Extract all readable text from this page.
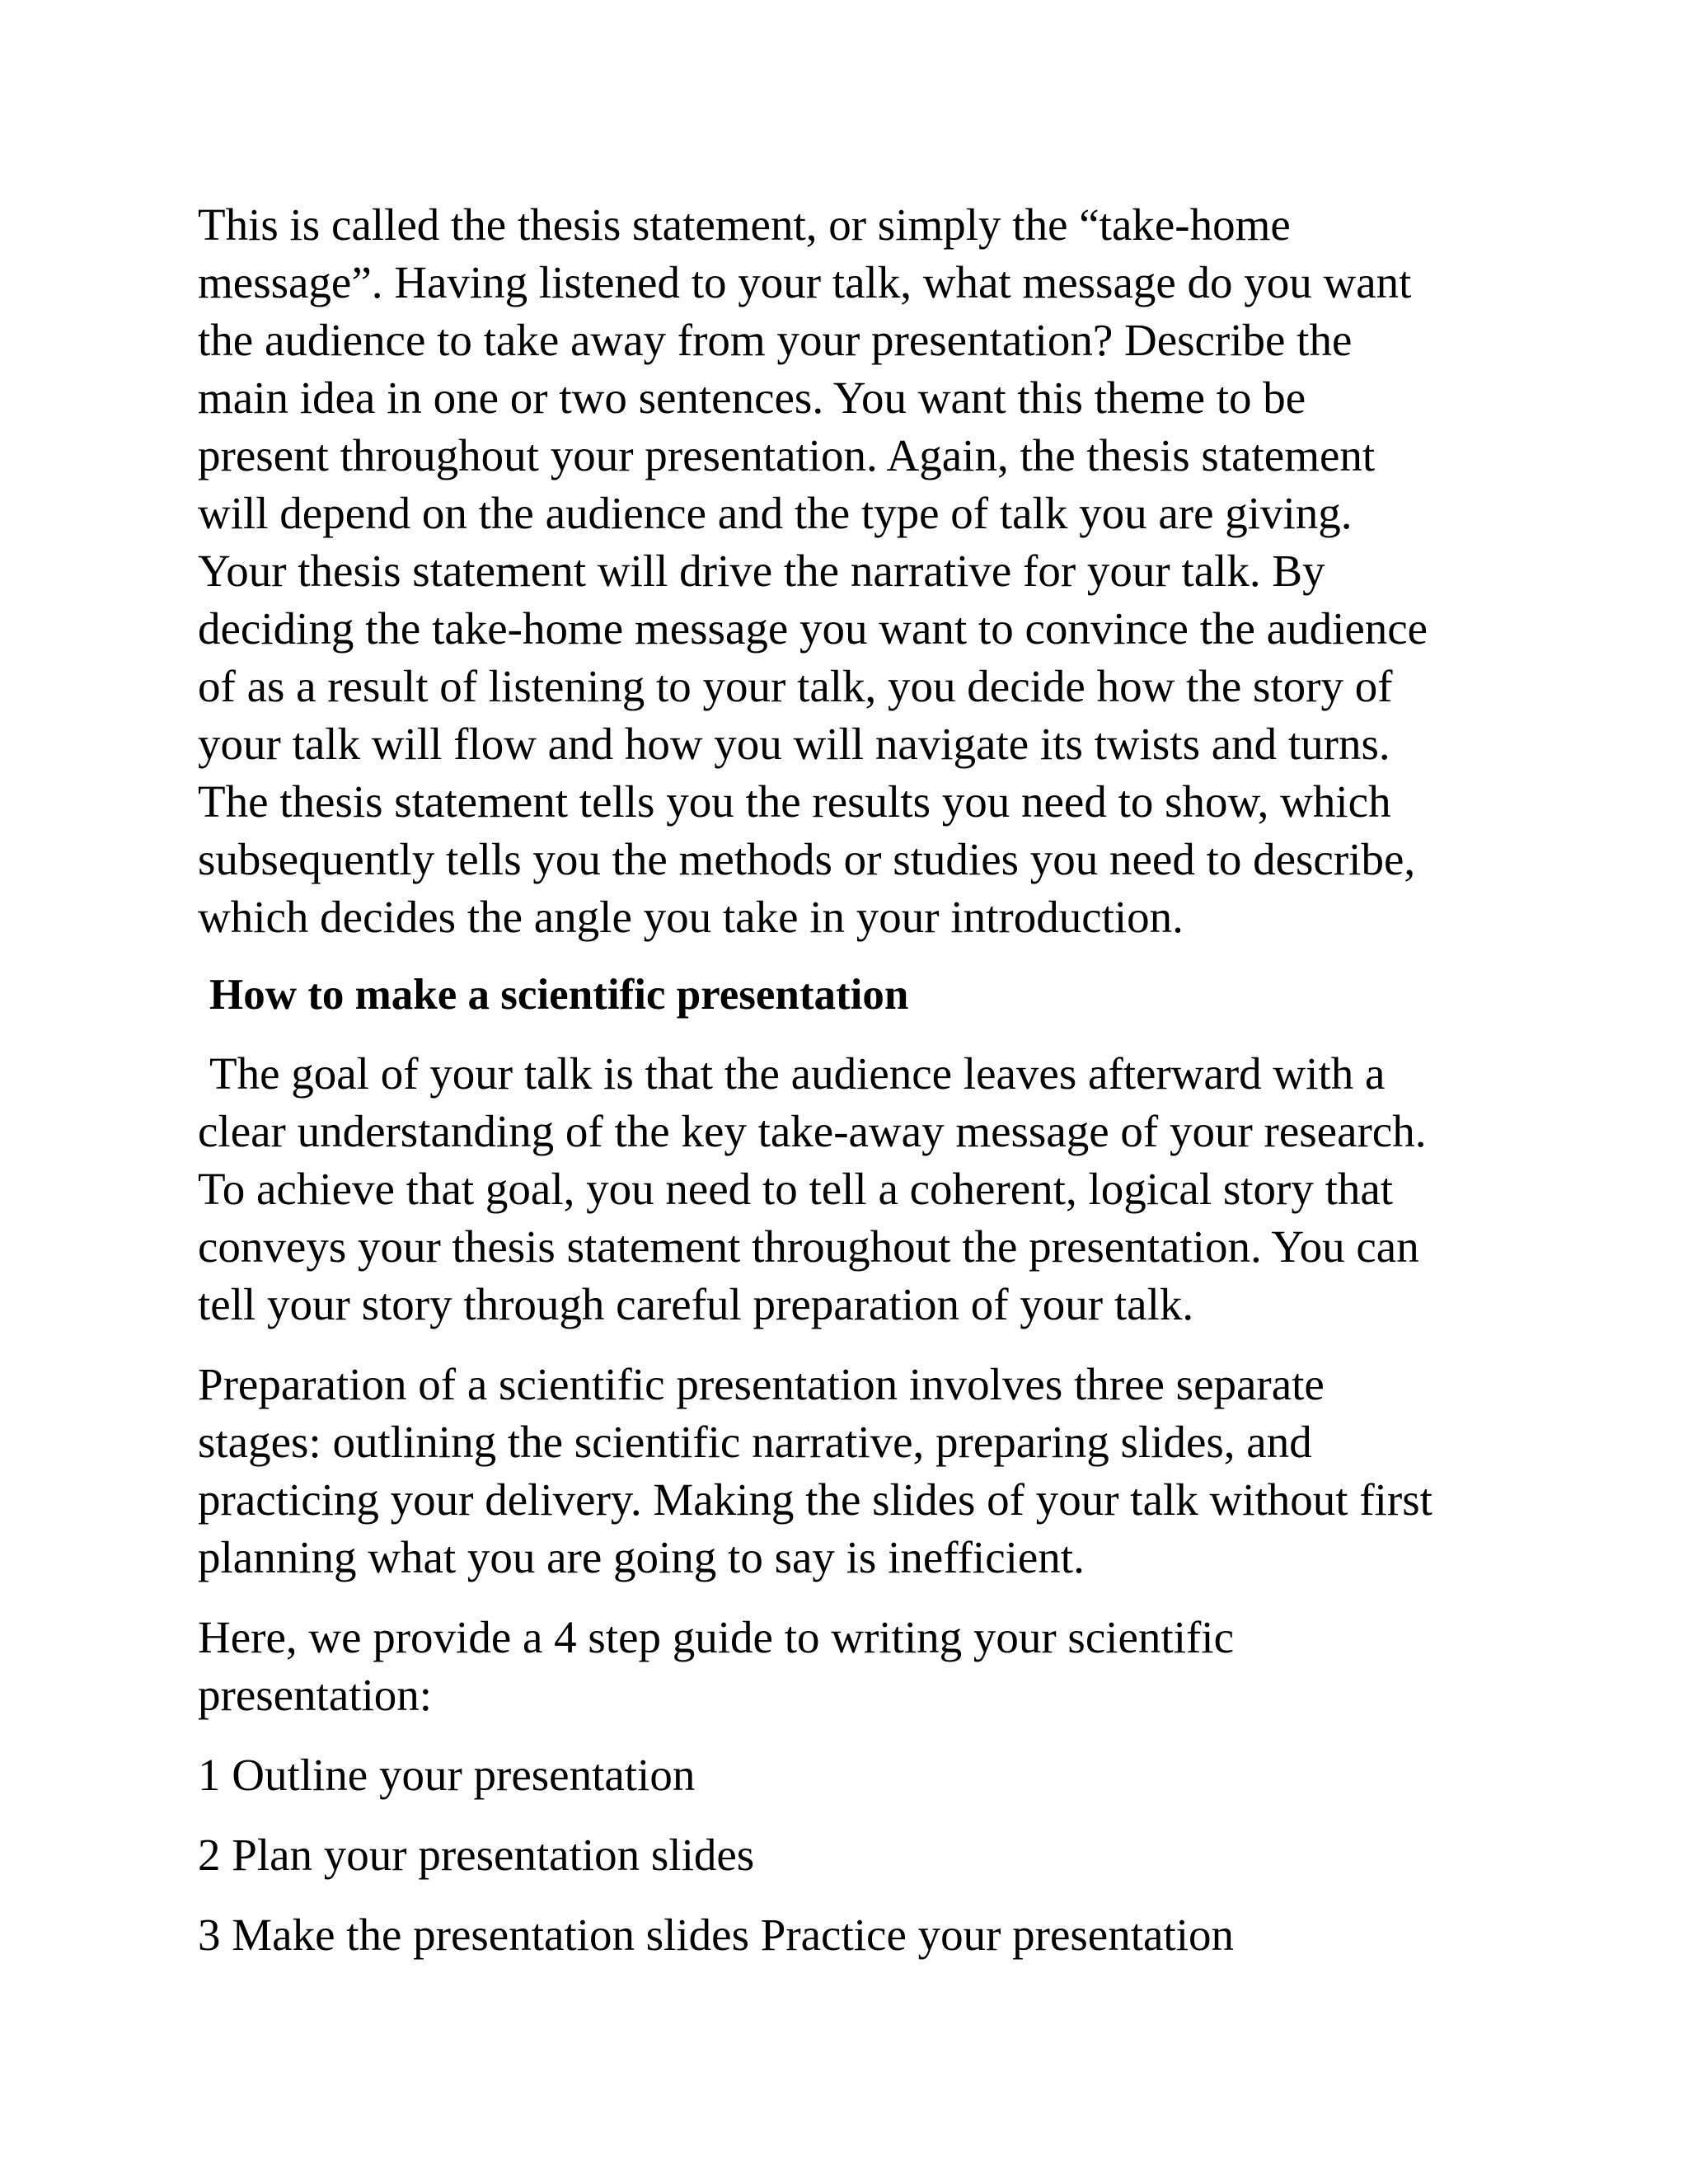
This is called the thesis statement, or simply the “take-home
message”. Having listened to your talk, what message do you want
the audience to take away from your presentation? Describe the
main idea in one or two sentences. You want this theme to be
present throughout your presentation. Again, the thesis statement
will depend on the audience and the type of talk you are giving.
Your thesis statement will drive the narrative for your talk. By
deciding the take-home message you want to convince the audience
of as a result of listening to your talk, you decide how the story of
your talk will flow and how you will navigate its twists and turns.
The thesis statement tells you the results you need to show, which
subsequently tells you the methods or studies you need to describe,
which decides the angle you take in your introduction.

How to make a scientific presentation

The goal of your talk is that the audience leaves afterward with a
clear understanding of the key take-away message of your research.
To achieve that goal, you need to tell a coherent, logical story that
conveys your thesis statement throughout the presentation. You can
tell your story through careful preparation of your talk.

Preparation of a scientific presentation involves three separate
stages: outlining the scientific narrative, preparing slides, and
practicing your delivery. Making the slides of your talk without first
planning what you are going to say is inefficient.

Here, we provide a 4 step guide to writing your scientific
presentation:

1 Outline your presentation

2 Plan your presentation slides

3 Make the presentation slides Practice your presentation
